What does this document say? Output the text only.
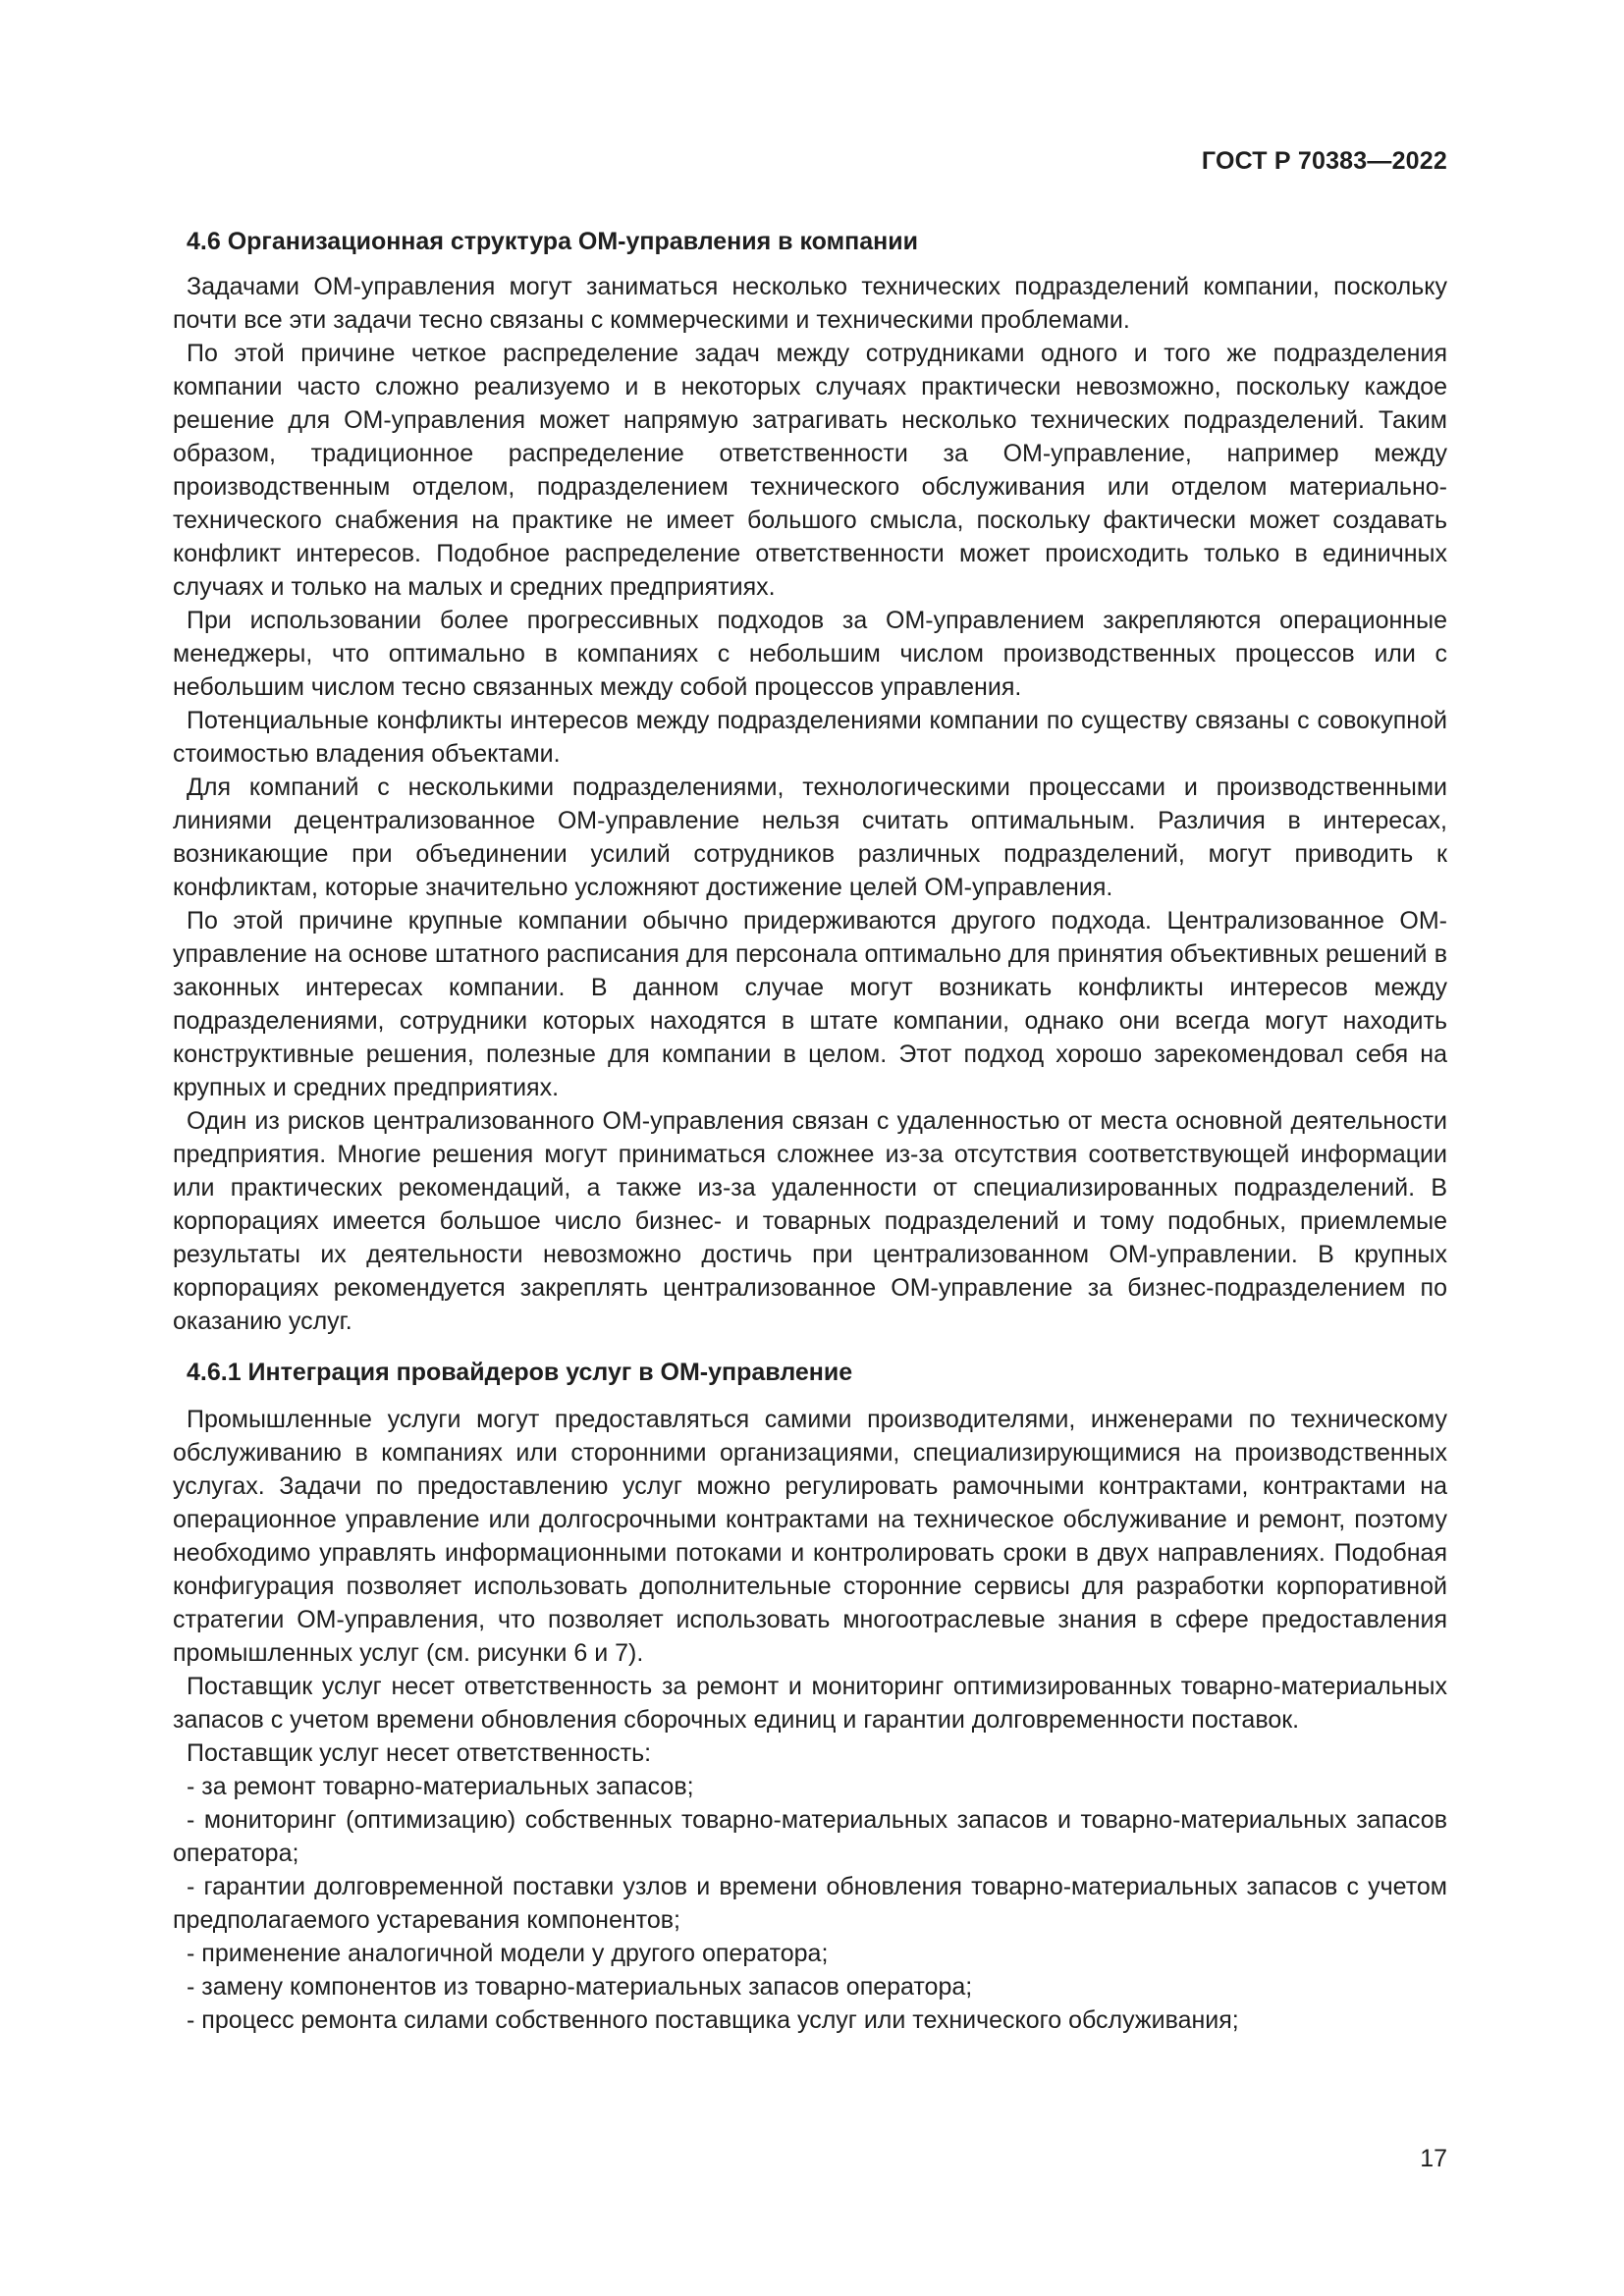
ГОСТ Р 70383—2022
4.6 Организационная структура ОМ-управления в компании

Задачами ОМ-управления могут заниматься несколько технических подразделений компании, поскольку почти все эти задачи тесно связаны с коммерческими и техническими проблемами.

По этой причине четкое распределение задач между сотрудниками одного и того же подразделения компании часто сложно реализуемо и в некоторых случаях практически невозможно, поскольку каждое решение для ОМ-управления может напрямую затрагивать несколько технических подразделений. Таким образом, традиционное распределение ответственности за ОМ-управление, например между производственным отделом, подразделением технического обслуживания или отделом материально-технического снабжения на практике не имеет большого смысла, поскольку фактически может создавать конфликт интересов. Подобное распределение ответственности может происходить только в единичных случаях и только на малых и средних предприятиях.

При использовании более прогрессивных подходов за ОМ-управлением закрепляются операционные менеджеры, что оптимально в компаниях с небольшим числом производственных процессов или с небольшим числом тесно связанных между собой процессов управления.

Потенциальные конфликты интересов между подразделениями компании по существу связаны с совокупной стоимостью владения объектами.

Для компаний с несколькими подразделениями, технологическими процессами и производственными линиями децентрализованное ОМ-управление нельзя считать оптимальным. Различия в интересах, возникающие при объединении усилий сотрудников различных подразделений, могут приводить к конфликтам, которые значительно усложняют достижение целей ОМ-управления.

По этой причине крупные компании обычно придерживаются другого подхода. Централизованное ОМ-управление на основе штатного расписания для персонала оптимально для принятия объективных решений в законных интересах компании. В данном случае могут возникать конфликты интересов между подразделениями, сотрудники которых находятся в штате компании, однако они всегда могут находить конструктивные решения, полезные для компании в целом. Этот подход хорошо зарекомендовал себя на крупных и средних предприятиях.

Один из рисков централизованного ОМ-управления связан с удаленностью от места основной деятельности предприятия. Многие решения могут приниматься сложнее из-за отсутствия соответствующей информации или практических рекомендаций, а также из-за удаленности от специализированных подразделений. В корпорациях имеется большое число бизнес- и товарных подразделений и тому подобных, приемлемые результаты их деятельности невозможно достичь при централизованном ОМ-управлении. В крупных корпорациях рекомендуется закреплять централизованное ОМ-управление за бизнес-подразделением по оказанию услуг.

4.6.1 Интеграция провайдеров услуг в ОМ-управление

Промышленные услуги могут предоставляться самими производителями, инженерами по техническому обслуживанию в компаниях или сторонними организациями, специализирующимися на производственных услугах. Задачи по предоставлению услуг можно регулировать рамочными контрактами, контрактами на операционное управление или долгосрочными контрактами на техническое обслуживание и ремонт, поэтому необходимо управлять информационными потоками и контролировать сроки в двух направлениях. Подобная конфигурация позволяет использовать дополнительные сторонние сервисы для разработки корпоративной стратегии ОМ-управления, что позволяет использовать многоотраслевые знания в сфере предоставления промышленных услуг (см. рисунки 6 и 7).

Поставщик услуг несет ответственность за ремонт и мониторинг оптимизированных товарно-материальных запасов с учетом времени обновления сборочных единиц и гарантии долговременности поставок.

Поставщик услуг несет ответственность:

- за ремонт товарно-материальных запасов;
- мониторинг (оптимизацию) собственных товарно-материальных запасов и товарно-материальных запасов оператора;
- гарантии долговременной поставки узлов и времени обновления товарно-материальных запасов с учетом предполагаемого устаревания компонентов;
- применение аналогичной модели у другого оператора;
- замену компонентов из товарно-материальных запасов оператора;
- процесс ремонта силами собственного поставщика услуг или технического обслуживания;
17
